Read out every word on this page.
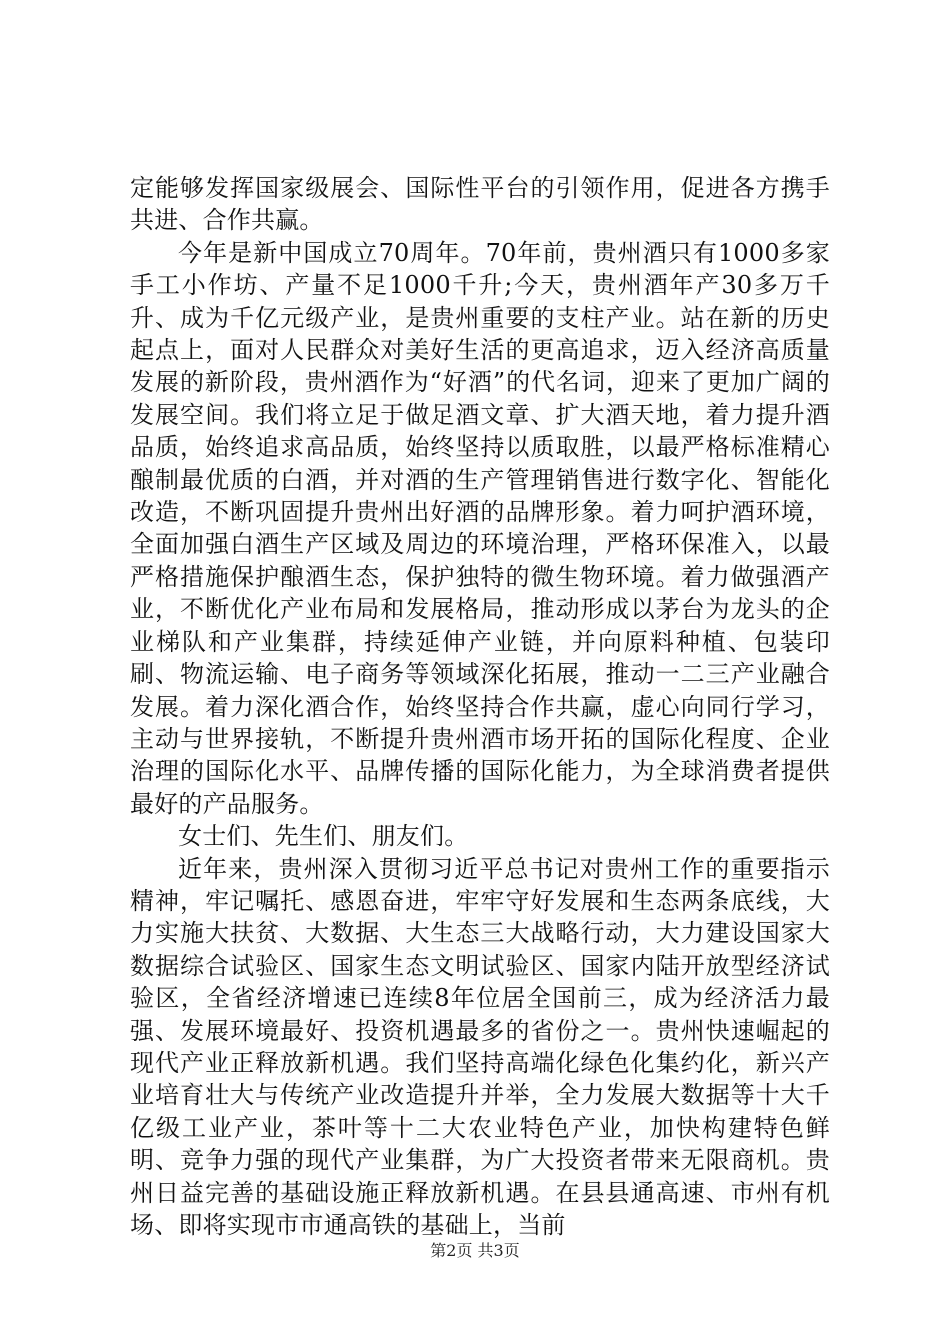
定能够发挥国家级展会、国际性平台的引领作用，促进各方携手共进、合作共赢。

今年是新中国成立70周年。70年前，贵州酒只有1000多家手工小作坊、产量不足1000千升;今天，贵州酒年产30多万千升、成为千亿元级产业，是贵州重要的支柱产业。站在新的历史起点上，面对人民群众对美好生活的更高追求，迈入经济高质量发展的新阶段，贵州酒作为“好酒”的代名词，迎来了更加广阔的发展空间。我们将立足于做足酒文章、扩大酒天地，着力提升酒品质，始终追求高品质，始终坚持以质取胜，以最严格标准精心酿制最优质的白酒，并对酒的生产管理销售进行数字化、智能化改造，不断巩固提升贵州出好酒的品牌形象。着力呵护酒环境，全面加强白酒生产区域及周边的环境治理，严格环保准入，以最严格措施保护酿酒生态，保护独特的微生物环境。着力做强酒产业，不断优化产业布局和发展格局，推动形成以茅台为龙头的企业梯队和产业集群，持续延伸产业链，并向原料种植、包装印刷、物流运输、电子商务等领域深化拓展，推动一二三产业融合发展。着力深化酒合作，始终坚持合作共赢，虚心向同行学习，主动与世界接轨，不断提升贵州酒市场开拓的国际化程度、企业治理的国际化水平、品牌传播的国际化能力，为全球消费者提供最好的产品服务。

女士们、先生们、朋友们。

近年来，贵州深入贯彻习近平总书记对贵州工作的重要指示精神，牢记嘱托、感恩奋进，牢牢守好发展和生态两条底线，大力实施大扶贫、大数据、大生态三大战略行动，大力建设国家大数据综合试验区、国家生态文明试验区、国家内陆开放型经济试验区，全省经济增速已连续8年位居全国前三，成为经济活力最强、发展环境最好、投资机遇最多的省份之一。贵州快速崛起的现代产业正释放新机遇。我们坚持高端化绿色化集约化，新兴产业培育壮大与传统产业改造提升并举，全力发展大数据等十大千亿级工业产业，茶叶等十二大农业特色产业，加快构建特色鲜明、竞争力强的现代产业集群，为广大投资者带来无限商机。贵州日益完善的基础设施正释放新机遇。在县县通高速、市州有机场、即将实现市市通高铁的基础上，当前

第2页 共3页
